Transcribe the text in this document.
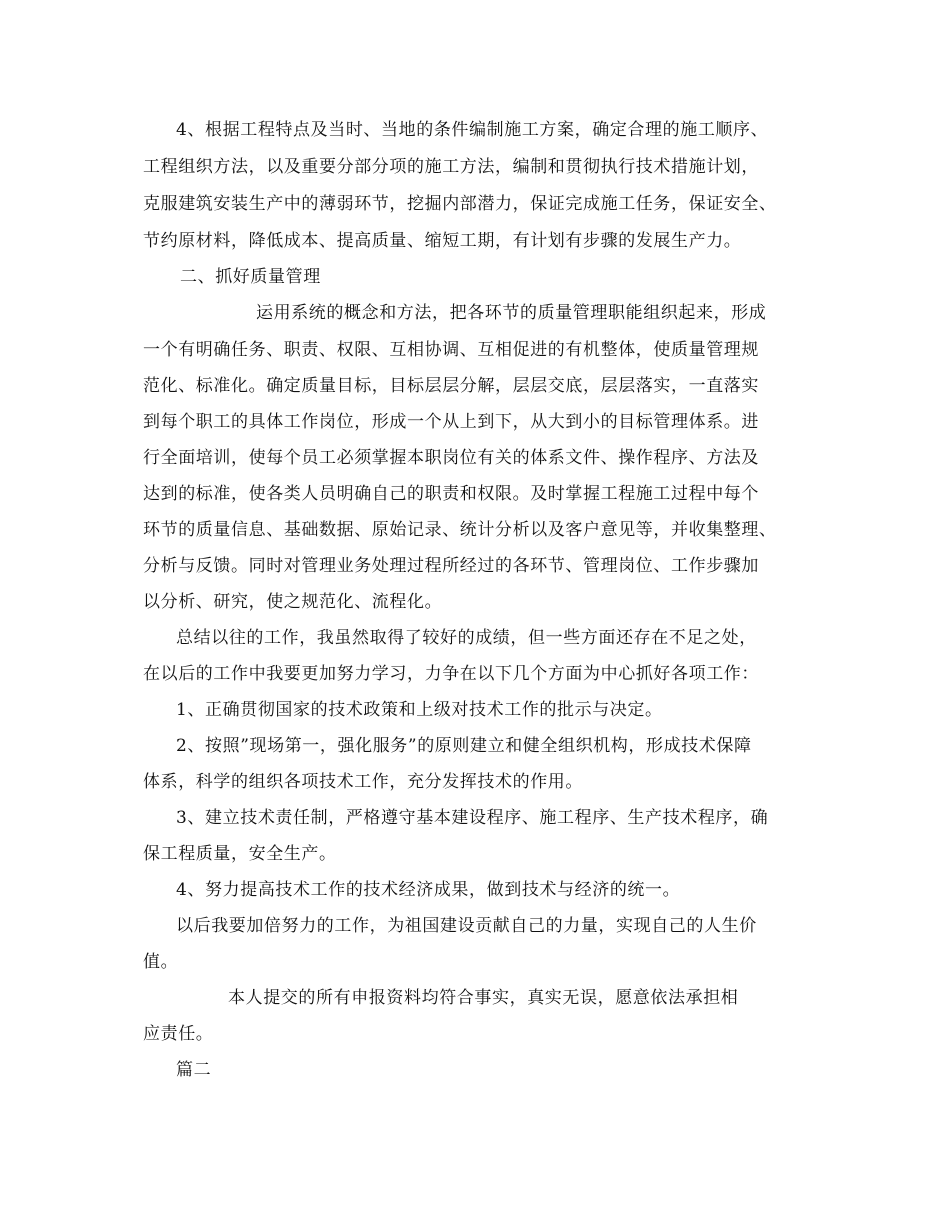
4、根据工程特点及当时、当地的条件编制施工方案，确定合理的施工顺序、
工程组织方法，以及重要分部分项的施工方法，编制和贯彻执行技术措施计划，
克服建筑安装生产中的薄弱环节，挖掘内部潜力，保证完成施工任务，保证安全、
节约原材料，降低成本、提高质量、缩短工期，有计划有步骤的发展生产力。
二、抓好质量管理
运用系统的概念和方法，把各环节的质量管理职能组织起来，形成
一个有明确任务、职责、权限、互相协调、互相促进的有机整体，使质量管理规
范化、标准化。确定质量目标，目标层层分解，层层交底，层层落实，一直落实
到每个职工的具体工作岗位，形成一个从上到下，从大到小的目标管理体系。进
行全面培训，使每个员工必须掌握本职岗位有关的体系文件、操作程序、方法及
达到的标准，使各类人员明确自己的职责和权限。及时掌握工程施工过程中每个
环节的质量信息、基础数据、原始记录、统计分析以及客户意见等，并收集整理、
分析与反馈。同时对管理业务处理过程所经过的各环节、管理岗位、工作步骤加
以分析、研究，使之规范化、流程化。
总结以往的工作，我虽然取得了较好的成绩，但一些方面还存在不足之处，
在以后的工作中我要更加努力学习，力争在以下几个方面为中心抓好各项工作：
1、正确贯彻国家的技术政策和上级对技术工作的批示与决定。
2、按照”现场第一，强化服务”的原则建立和健全组织机构，形成技术保障
体系，科学的组织各项技术工作，充分发挥技术的作用。
3、建立技术责任制，严格遵守基本建设程序、施工程序、生产技术程序，确
保工程质量，安全生产。
4、努力提高技术工作的技术经济成果，做到技术与经济的统一。
以后我要加倍努力的工作，为祖国建设贡献自己的力量，实现自己的人生价
值。
本人提交的所有申报资料均符合事实，真实无误，愿意依法承担相
应责任。
篇二
